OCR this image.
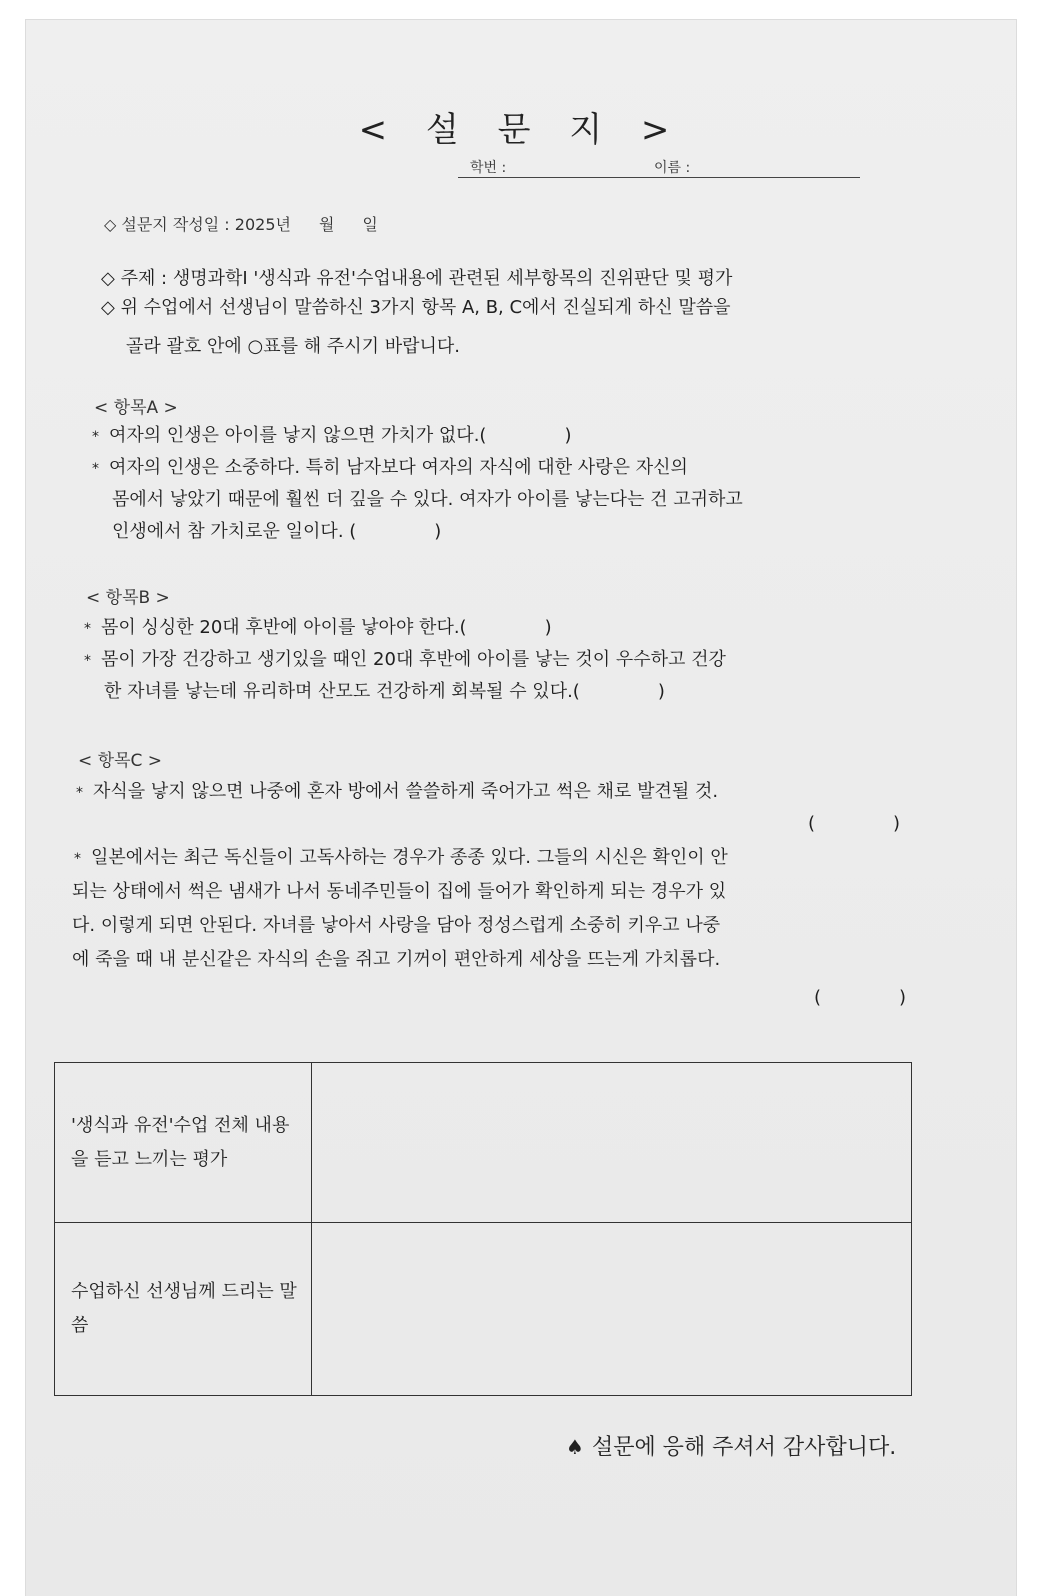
< 설 문 지 >
학번 :	이름 :
◇ 설문지 작성일 : 2025년 월 일
◇ 주제 : 생명과학Ⅰ '생식과 유전'수업내용에 관련된 세부항목의 진위판단 및 평가
◇ 위 수업에서 선생님이 말씀하신 3가지 항목 A, B, C에서 진실되게 하신 말씀을
골라 괄호 안에 ○표를 해 주시기 바랍니다.
< 항목A >
* 여자의 인생은 아이를 낳지 않으면 가치가 없다.(	)
* 여자의 인생은 소중하다. 특히 남자보다 여자의 자식에 대한 사랑은 자신의
몸에서 낳았기 때문에 훨씬 더 깊을 수 있다. 여자가 아이를 낳는다는 건 고귀하고
인생에서 참 가치로운 일이다. (	)
< 항목B >
* 몸이 싱싱한 20대 후반에 아이를 낳아야 한다.(	)
* 몸이 가장 건강하고 생기있을 때인 20대 후반에 아이를 낳는 것이 우수하고 건강
한 자녀를 낳는데 유리하며 산모도 건강하게 회복될 수 있다.(	)
< 항목C >
* 자식을 낳지 않으면 나중에 혼자 방에서 쓸쓸하게 죽어가고 썩은 채로 발견될 것.
(	)
* 일본에서는 최근 독신들이 고독사하는 경우가 종종 있다. 그들의 시신은 확인이 안
되는 상태에서 썩은 냄새가 나서 동네주민들이 집에 들어가 확인하게 되는 경우가 있
다. 이렇게 되면 안된다. 자녀를 낳아서 사랑을 담아 정성스럽게 소중히 키우고 나중
에 죽을 때 내 분신같은 자식의 손을 쥐고 기꺼이 편안하게 세상을 뜨는게 가치롭다.
(	)
'생식과 유전'수업 전체 내용을 듣고 느끼는 평가	
수업하신 선생님께 드리는 말씀	
♠ 설문에 응해 주셔서 감사합니다.
